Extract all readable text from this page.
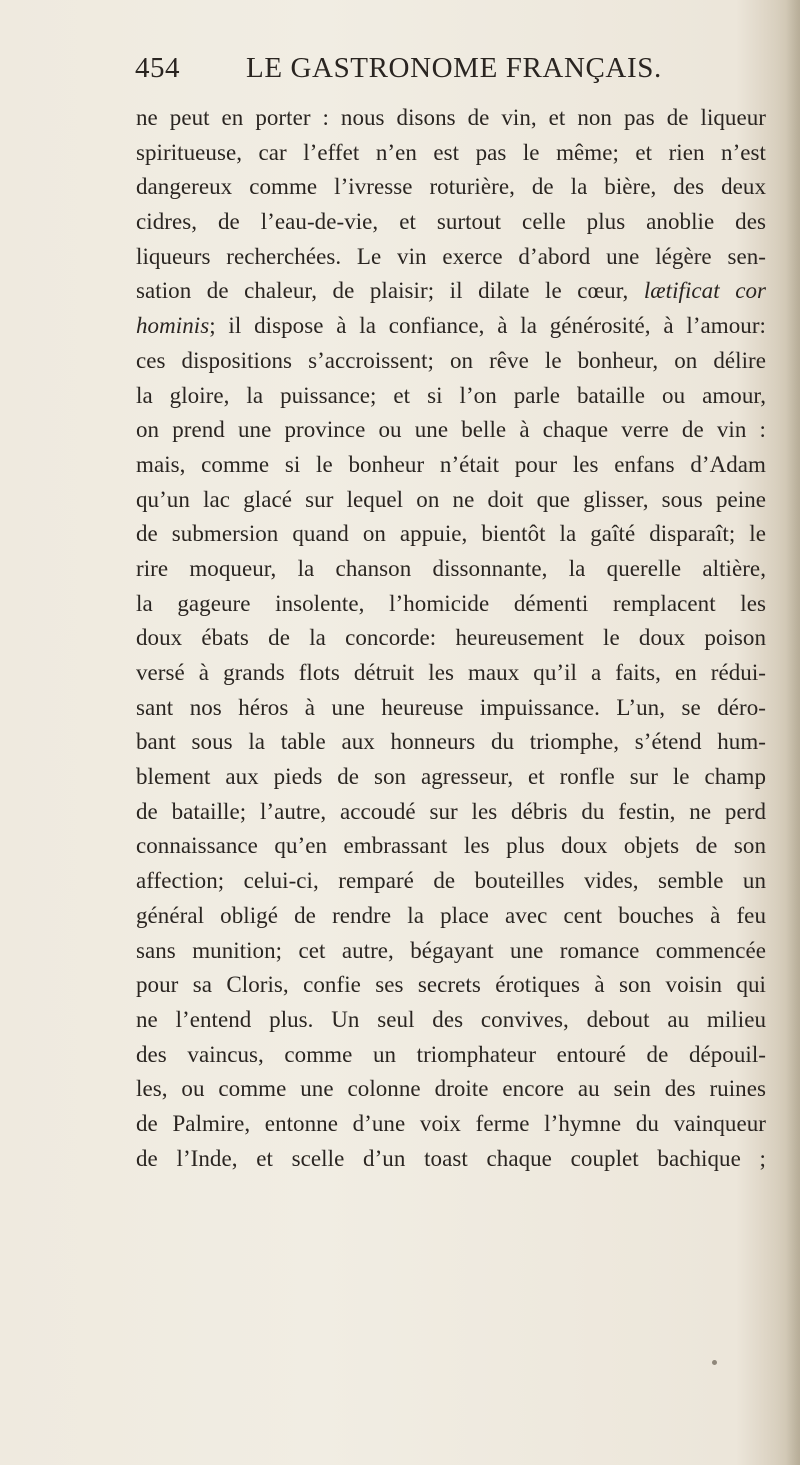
454 LE GASTRONOME FRANÇAIS.
ne peut en porter : nous disons de vin, et non pas de liqueur
spiritueuse, car l’effet n’en est pas le même; et rien n’est
dangereux comme l’ivresse roturière, de la bière, des deux
cidres, de l’eau-de-vie, et surtout celle plus anoblie des
liqueurs recherchées. Le vin exerce d’abord une légère sen-
sation de chaleur, de plaisir; il dilate le cœur, lætificat cor
hominis; il dispose à la confiance, à la générosité, à l’amour:
ces dispositions s’accroissent; on rêve le bonheur, on délire
la gloire, la puissance; et si l’on parle bataille ou amour,
on prend une province ou une belle à chaque verre de vin :
mais, comme si le bonheur n’était pour les enfans d’Adam
qu’un lac glacé sur lequel on ne doit que glisser, sous peine
de submersion quand on appuie, bientôt la gaîté disparaît; le
rire moqueur, la chanson dissonnante, la querelle altière,
la gageure insolente, l’homicide démenti remplacent les
doux ébats de la concorde: heureusement le doux poison
versé à grands flots détruit les maux qu’il a faits, en rédui-
sant nos héros à une heureuse impuissance. L’un, se déro-
bant sous la table aux honneurs du triomphe, s’étend hum-
blement aux pieds de son agresseur, et ronfle sur le champ
de bataille; l’autre, accoudé sur les débris du festin, ne perd
connaissance qu’en embrassant les plus doux objets de son
affection; celui-ci, remparé de bouteilles vides, semble un
général obligé de rendre la place avec cent bouches à feu
sans munition; cet autre, bégayant une romance commencée
pour sa Cloris, confie ses secrets érotiques à son voisin qui
ne l’entend plus. Un seul des convives, debout au milieu
des vaincus, comme un triomphateur entouré de dépouil-
les, ou comme une colonne droite encore au sein des ruines
de Palmire, entonne d’une voix ferme l’hymne du vainqueur
de l’Inde, et scelle d’un toast chaque couplet bachique ;
